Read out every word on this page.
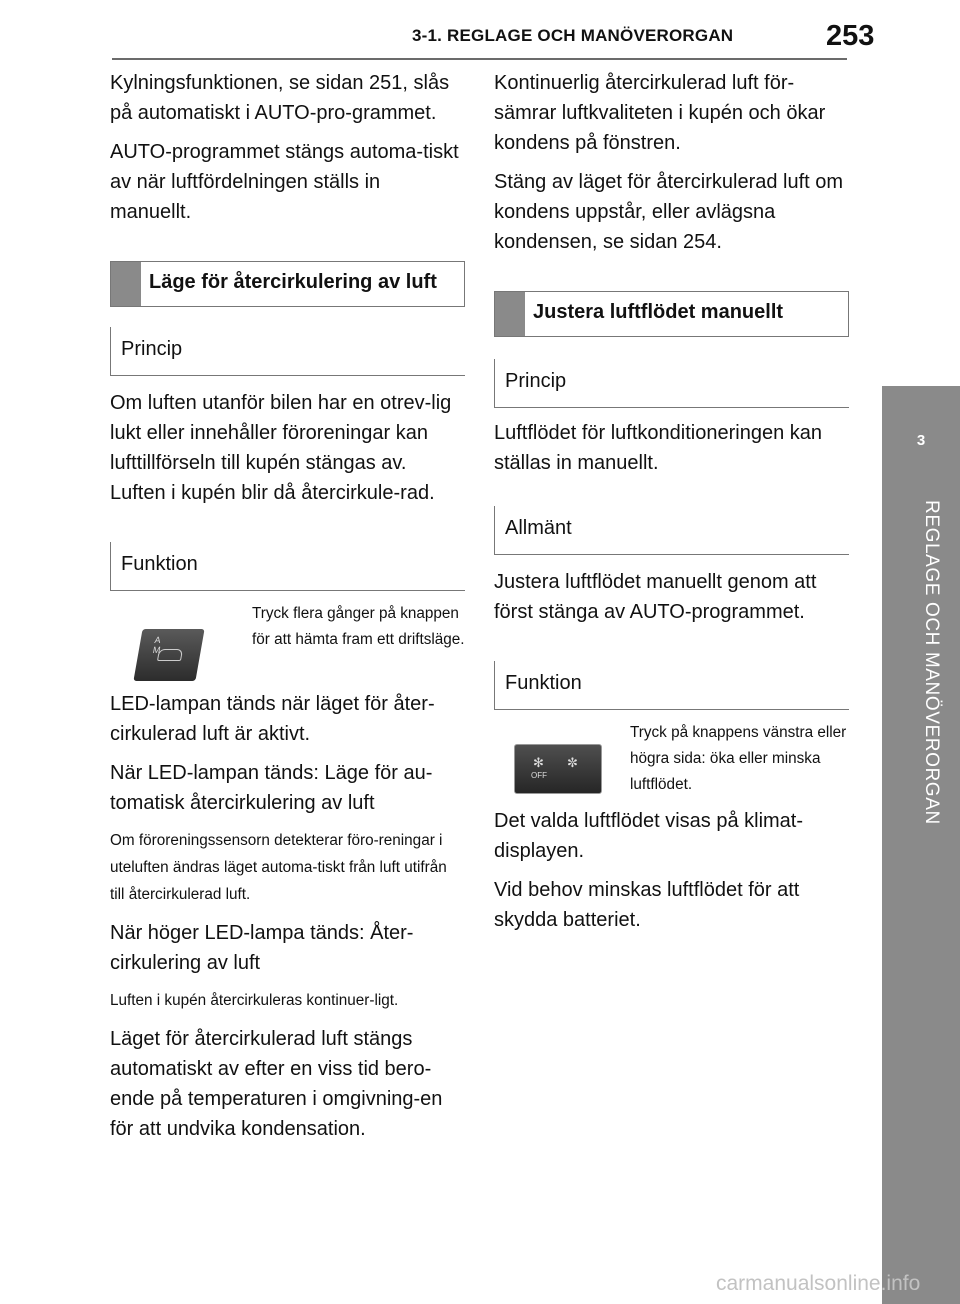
3-1. REGLAGE OCH MANÖVERORGAN	253
3
REGLAGE OCH MANÖVERORGAN

Kylningsfunktionen, se sidan 251, slås på automatiskt i AUTO-pro-grammet.

AUTO-programmet stängs automa-tiskt av när luftfördelningen ställs in manuellt.

Läge för återcirkulering av luft
Princip

Om luften utanför bilen har en otrev-lig lukt eller innehåller föroreningar kan lufttillförseln till kupén stängas av. Luften i kupén blir då återcirkule-rad.

Funktion
A M
Tryck flera gånger på knappen för att hämta fram ett driftsläge.

LED-lampan tänds när läget för åter-cirkulerad luft är aktivt.

När LED-lampan tänds: Läge för au-tomatisk återcirkulering av luft

Om föroreningssensorn detekterar föro-reningar i uteluften ändras läget automa-tiskt från luft utifrån till återcirkulerad luft.

När höger LED-lampa tänds: Åter-cirkulering av luft

Luften i kupén återcirkuleras kontinuer-ligt.

Läget för återcirkulerad luft stängs automatiskt av efter en viss tid bero-ende på temperaturen i omgivning-en för att undvika kondensation.

Kontinuerlig återcirkulerad luft för-sämrar luftkvaliteten i kupén och ökar kondens på fönstren.

Stäng av läget för återcirkulerad luft om kondens uppstår, eller avlägsna kondensen, se sidan 254.

Justera luftflödet manuellt
Princip

Luftflödet för luftkonditioneringen kan ställas in manuellt.

Allmänt

Justera luftflödet manuellt genom att först stänga av AUTO-programmet.

Funktion
✻
OFF
✼
Tryck på knappens vänstra eller högra sida: öka eller minska luftflödet.

Det valda luftflödet visas på klimat-displayen.

Vid behov minskas luftflödet för att skydda batteriet.

carmanualsonline.info
